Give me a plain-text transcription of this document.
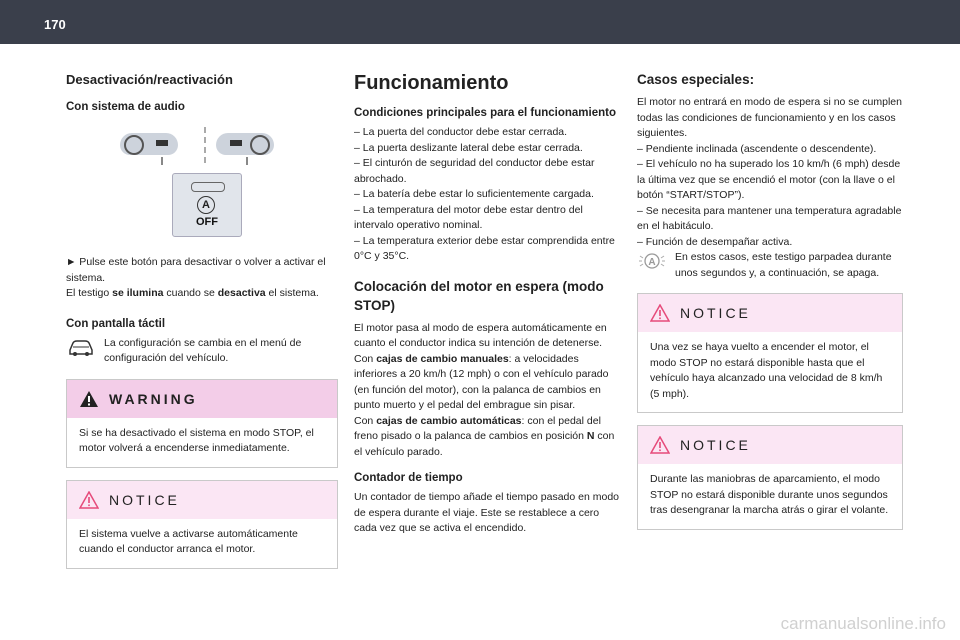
170
Desactivación/reactivación
Con sistema de audio
A
OFF

► Pulse este botón para desactivar o volver a activar el sistema.

El testigo se ilumina cuando se desactiva el sistema.

Con pantalla táctil

La configuración se cambia en el menú de configuración del vehículo.

WARNING
Si se ha desactivado el sistema en modo STOP, el motor volverá a encenderse inmediatamente.
NOTICE
El sistema vuelve a activarse automáticamente cuando el conductor arranca el motor.
Funcionamiento
Condiciones principales para el funcionamiento

– La puerta del conductor debe estar cerrada.

– La puerta deslizante lateral debe estar cerrada.

– El cinturón de seguridad del conductor debe estar abrochado.

– La batería debe estar lo suficientemente cargada.

– La temperatura del motor debe estar dentro del intervalo operativo nominal.

– La temperatura exterior debe estar comprendida entre 0°C y 35°C.

Colocación del motor en espera (modo STOP)

El motor pasa al modo de espera automáticamente en cuanto el conductor indica su intención de detenerse.

Con cajas de cambio manuales: a velocidades inferiores a 20 km/h (12 mph) o con el vehículo parado (en función del motor), con la palanca de cambios en punto muerto y el pedal del embrague sin pisar.

Con cajas de cambio automáticas: con el pedal del freno pisado o la palanca de cambios en posición N con el vehículo parado.

Contador de tiempo

Un contador de tiempo añade el tiempo pasado en modo de espera durante el viaje. Este se restablece a cero cada vez que se activa el encendido.

Casos especiales:

El motor no entrará en modo de espera si no se cumplen todas las condiciones de funcionamiento y en los casos siguientes.

– Pendiente inclinada (ascendente o descendente).

– El vehículo no ha superado los 10 km/h (6 mph) desde la última vez que se encendió el motor (con la llave o el botón “START/STOP”).

– Se necesita para mantener una temperatura agradable en el habitáculo.

– Función de desempañar activa.

A En estos casos, este testigo parpadea durante unos segundos y, a continuación, se apaga.

NOTICE
Una vez se haya vuelto a encender el motor, el modo STOP no estará disponible hasta que el vehículo haya alcanzado una velocidad de 8 km/h (5 mph).
NOTICE
Durante las maniobras de aparcamiento, el modo STOP no estará disponible durante unos segundos tras desengranar la marcha atrás o girar el volante.
carmanualsonline.info
